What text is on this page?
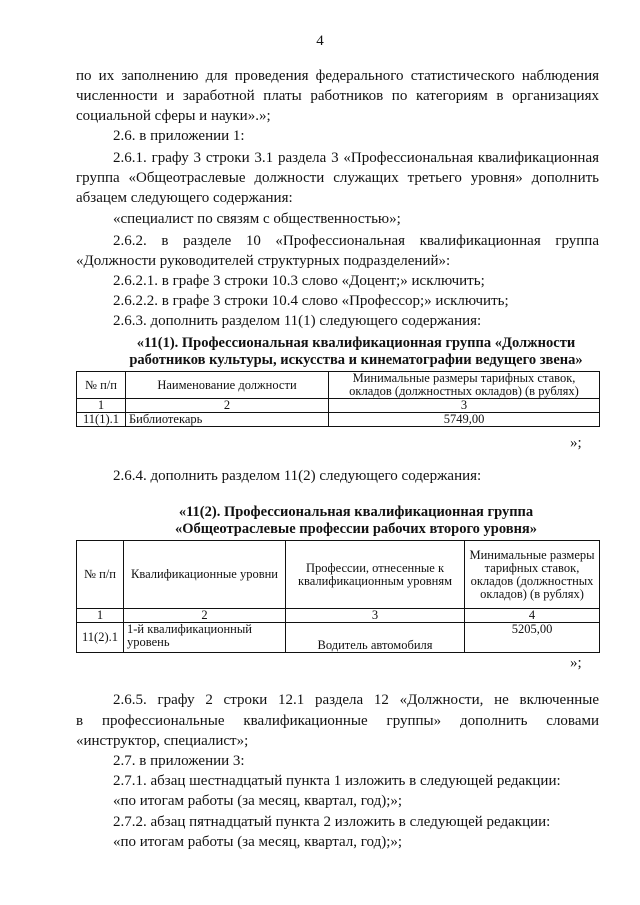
4
по их заполнению для проведения федерального статистического наблюдения
численности и заработной платы работников по категориям в организациях
социальной сферы и науки».»;
2.6. в приложении 1:
2.6.1. графу 3 строки 3.1 раздела 3 «Профессиональная квалификационная
группа «Общеотраслевые должности служащих третьего уровня» дополнить
абзацем следующего содержания:
«специалист по связям с общественностью»;
2.6.2. в разделе 10 «Профессиональная квалификационная группа
«Должности руководителей структурных подразделений»:
2.6.2.1. в графе 3 строки 10.3 слово «Доцент;» исключить;
2.6.2.2. в графе 3 строки 10.4 слово «Профессор;» исключить;
2.6.3. дополнить разделом 11(1) следующего содержания:
«11(1). Профессиональная квалификационная группа «Должности
работников культуры, искусства и кинематографии ведущего звена»
№ п/п	Наименование должности	Минимальные размеры тарифных ставок, окладов (должностных окладов) (в рублях)
1	2	3
11(1).1	Библиотекарь	5749,00
»;
2.6.4. дополнить разделом 11(2) следующего содержания:
«11(2). Профессиональная квалификационная группа
«Общеотраслевые профессии рабочих второго уровня»
№ п/п	Квалификационные уровни	Профессии, отнесенные к квалификационным уровням	Минимальные размеры тарифных ставок, окладов (должностных окладов) (в рублях)
1	2	3	4
11(2).1	1-й квалификационный уровень	Водитель автомобиля	5205,00
»;
2.6.5. графу 2 строки 12.1 раздела 12 «Должности, не включенные
в профессиональные квалификационные группы» дополнить словами
«инструктор, специалист»;
2.7. в приложении 3:
2.7.1. абзац шестнадцатый пункта 1 изложить в следующей редакции:
«по итогам работы (за месяц, квартал, год);»;
2.7.2. абзац пятнадцатый пункта 2 изложить в следующей редакции:
«по итогам работы (за месяц, квартал, год);»;
